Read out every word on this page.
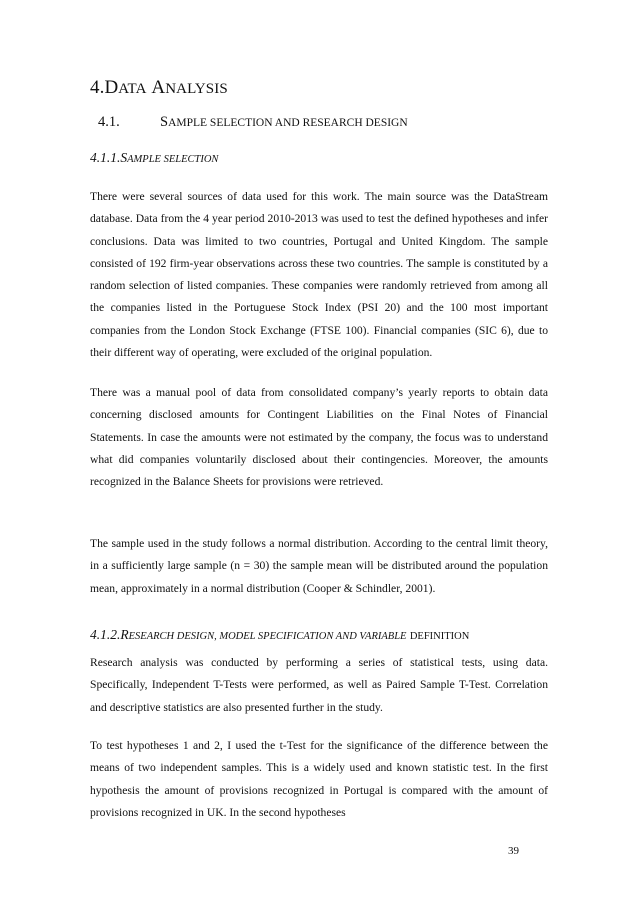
4.DATA ANALYSIS
4.1.	SAMPLE SELECTION AND RESEARCH DESIGN
4.1.1.SAMPLE SELECTION
There were several sources of data used for this work. The main source was the DataStream database. Data from the 4 year period 2010-2013 was used to test the defined hypotheses and infer conclusions. Data was limited to two countries, Portugal and United Kingdom. The sample consisted of 192 firm-year observations across these two countries. The sample is constituted by a random selection of listed companies. These companies were randomly retrieved from among all the companies listed in the Portuguese Stock Index (PSI 20) and the 100 most important companies from the London Stock Exchange (FTSE 100). Financial companies (SIC 6), due to their different way of operating, were excluded of the original population.
There was a manual pool of data from consolidated company’s yearly reports to obtain data concerning disclosed amounts for Contingent Liabilities on the Final Notes of Financial Statements. In case the amounts were not estimated by the company, the focus was to understand what did companies voluntarily disclosed about their contingencies. Moreover, the amounts recognized in the Balance Sheets for provisions were retrieved.
The sample used in the study follows a normal distribution. According to the central limit theory, in a sufficiently large sample (n = 30) the sample mean will be distributed around the population mean, approximately in a normal distribution (Cooper & Schindler, 2001).
4.1.2.RESEARCH DESIGN, MODEL SPECIFICATION AND VARIABLE DEFINITION
Research analysis was conducted by performing a series of statistical tests, using data. Specifically, Independent T-Tests were performed, as well as Paired Sample T-Test. Correlation and descriptive statistics are also presented further in the study.
To test hypotheses 1 and 2, I used the t-Test for the significance of the difference between the means of two independent samples. This is a widely used and known statistic test. In the first hypothesis the amount of provisions recognized in Portugal is compared with the amount of provisions recognized in UK. In the second hypotheses
39
